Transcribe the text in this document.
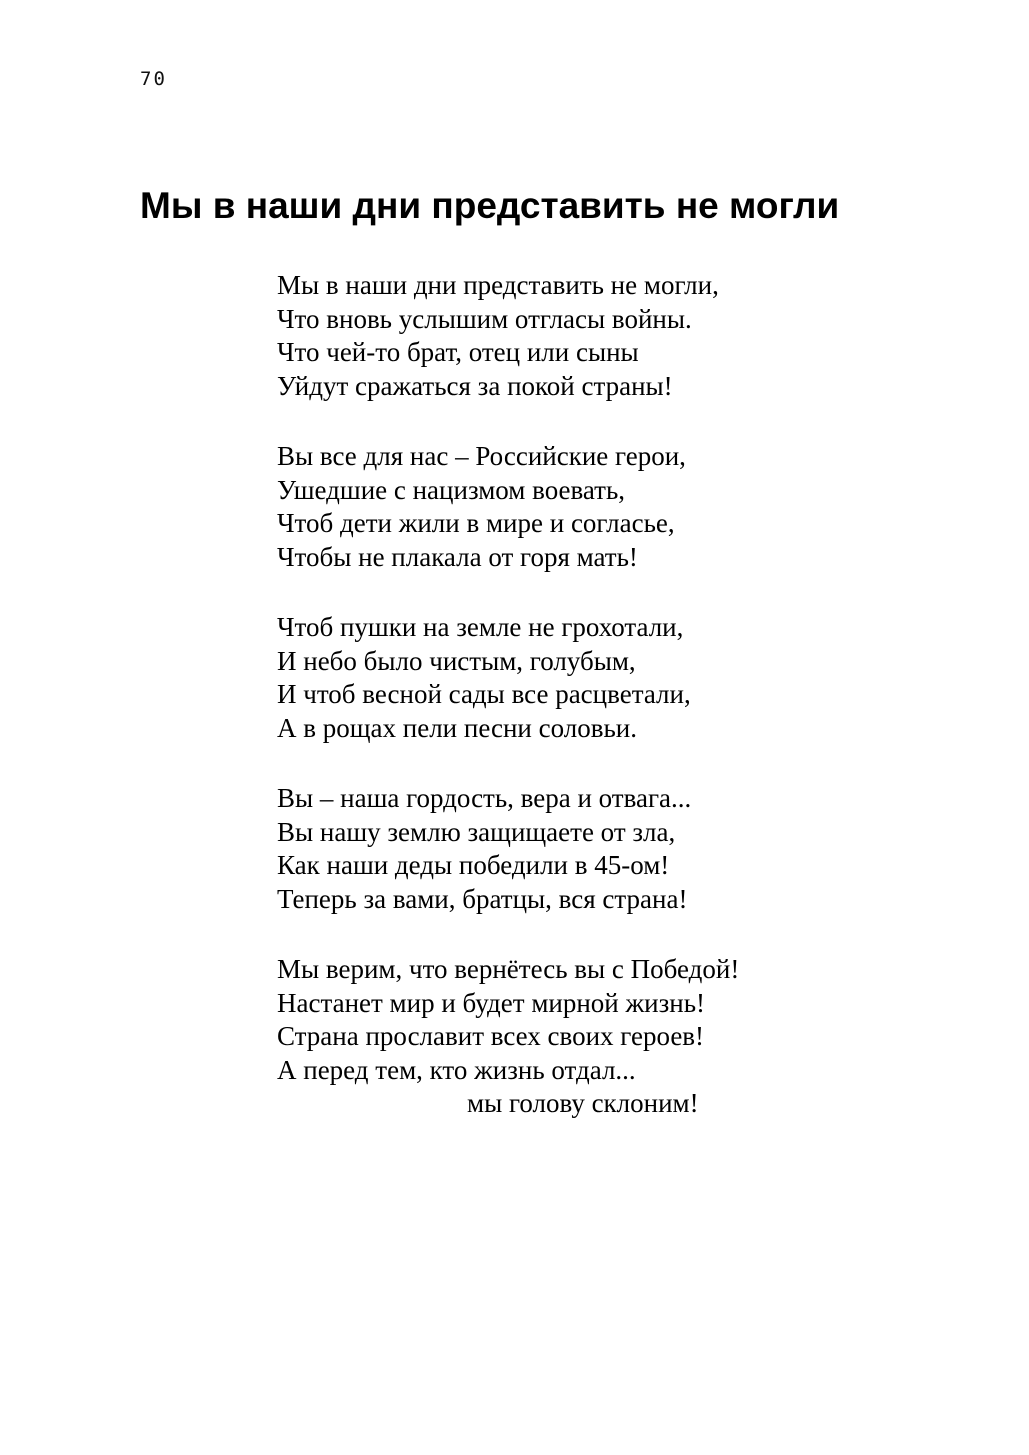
70
Мы в наши дни представить не могли
Мы в наши дни представить не могли,
Что вновь услышим отгласы войны.
Что чей-то брат, отец или сыны
Уйдут сражаться за покой страны!
Вы все для нас – Российские герои,
Ушедшие с нацизмом воевать,
Чтоб дети жили в мире и согласье,
Чтобы не плакала от горя мать!
Чтоб пушки на земле не грохотали,
И небо было чистым, голубым,
И чтоб весной сады все расцветали,
А в рощах пели песни соловьи.
Вы – наша гордость, вера и отвага...
Вы нашу землю защищаете от зла,
Как наши деды победили в 45-ом!
Теперь за вами, братцы, вся страна!
Мы верим, что вернётесь вы с Победой!
Настанет мир и будет мирной жизнь!
Страна прославит всех своих героев!
А перед тем, кто жизнь отдал...
мы голову склоним!
